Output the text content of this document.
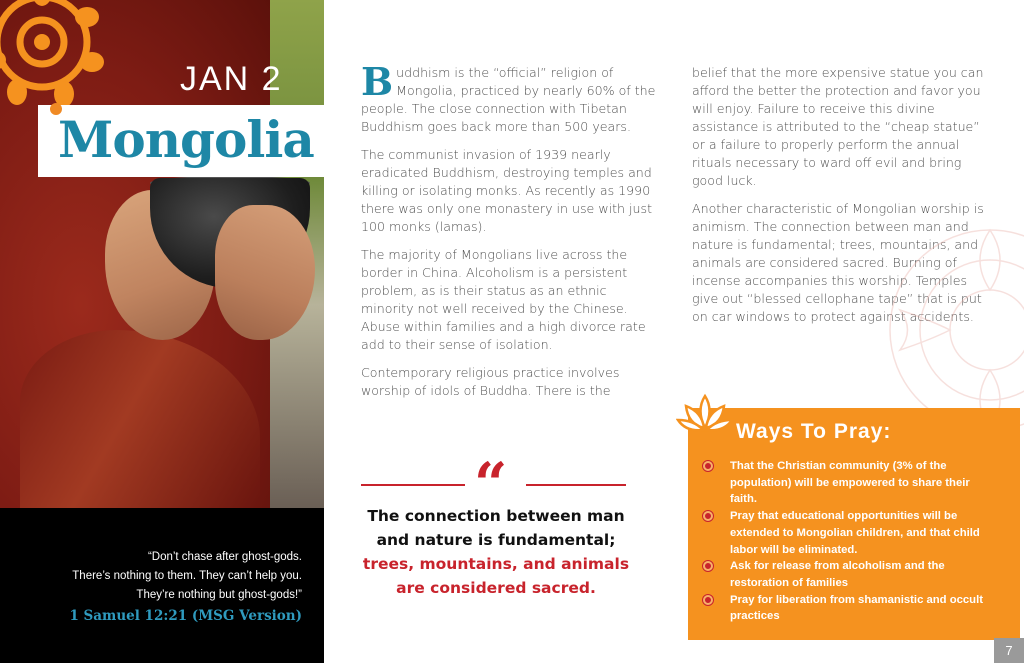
JAN 2
Mongolia
“Don’t chase after ghost-gods.
There’s nothing to them. They can’t help you.
They’re nothing but ghost-gods!”
1 Samuel 12:21 (MSG Version)

Buddhism is the “official” religion of Mongolia, practiced by nearly 60% of the people. The close connection with Tibetan Buddhism goes back more than 500 years.

The communist invasion of 1939 nearly eradicated Buddhism, destroying temples and killing or isolating monks. As recently as 1990 there was only one monastery in use with just 100 monks (lamas).

The majority of Mongolians live across the border in China. Alcoholism is a persistent problem, as is their status as an ethnic minority not well received by the Chinese. Abuse within families and a high divorce rate add to their sense of isolation.

Contemporary religious practice involves worship of idols of Buddha. There is the

belief that the more expensive statue you can afford the better the protection and favor you will enjoy. Failure to receive this divine assistance is attributed to the “cheap statue” or a failure to properly perform the annual rituals necessary to ward off evil and bring good luck.

Another characteristic of Mongolian worship is animism. The connection between man and nature is fundamental; trees, mountains, and animals are considered sacred. Burning of incense accompanies this worship. Temples give out “blessed cellophane tape” that is put on car windows to protect against accidents.

“
The connection between man
and nature is fundamental;
trees, mountains, and animals
are considered sacred.
Ways To Pray:
That the Christian community (3% of the population) will be empowered to share their faith.
Pray that educational opportunities will be extended to Mongolian children, and that child labor will be eliminated.
Ask for release from alcoholism and the restoration of families
Pray for liberation from shamanistic and occult practices
7
